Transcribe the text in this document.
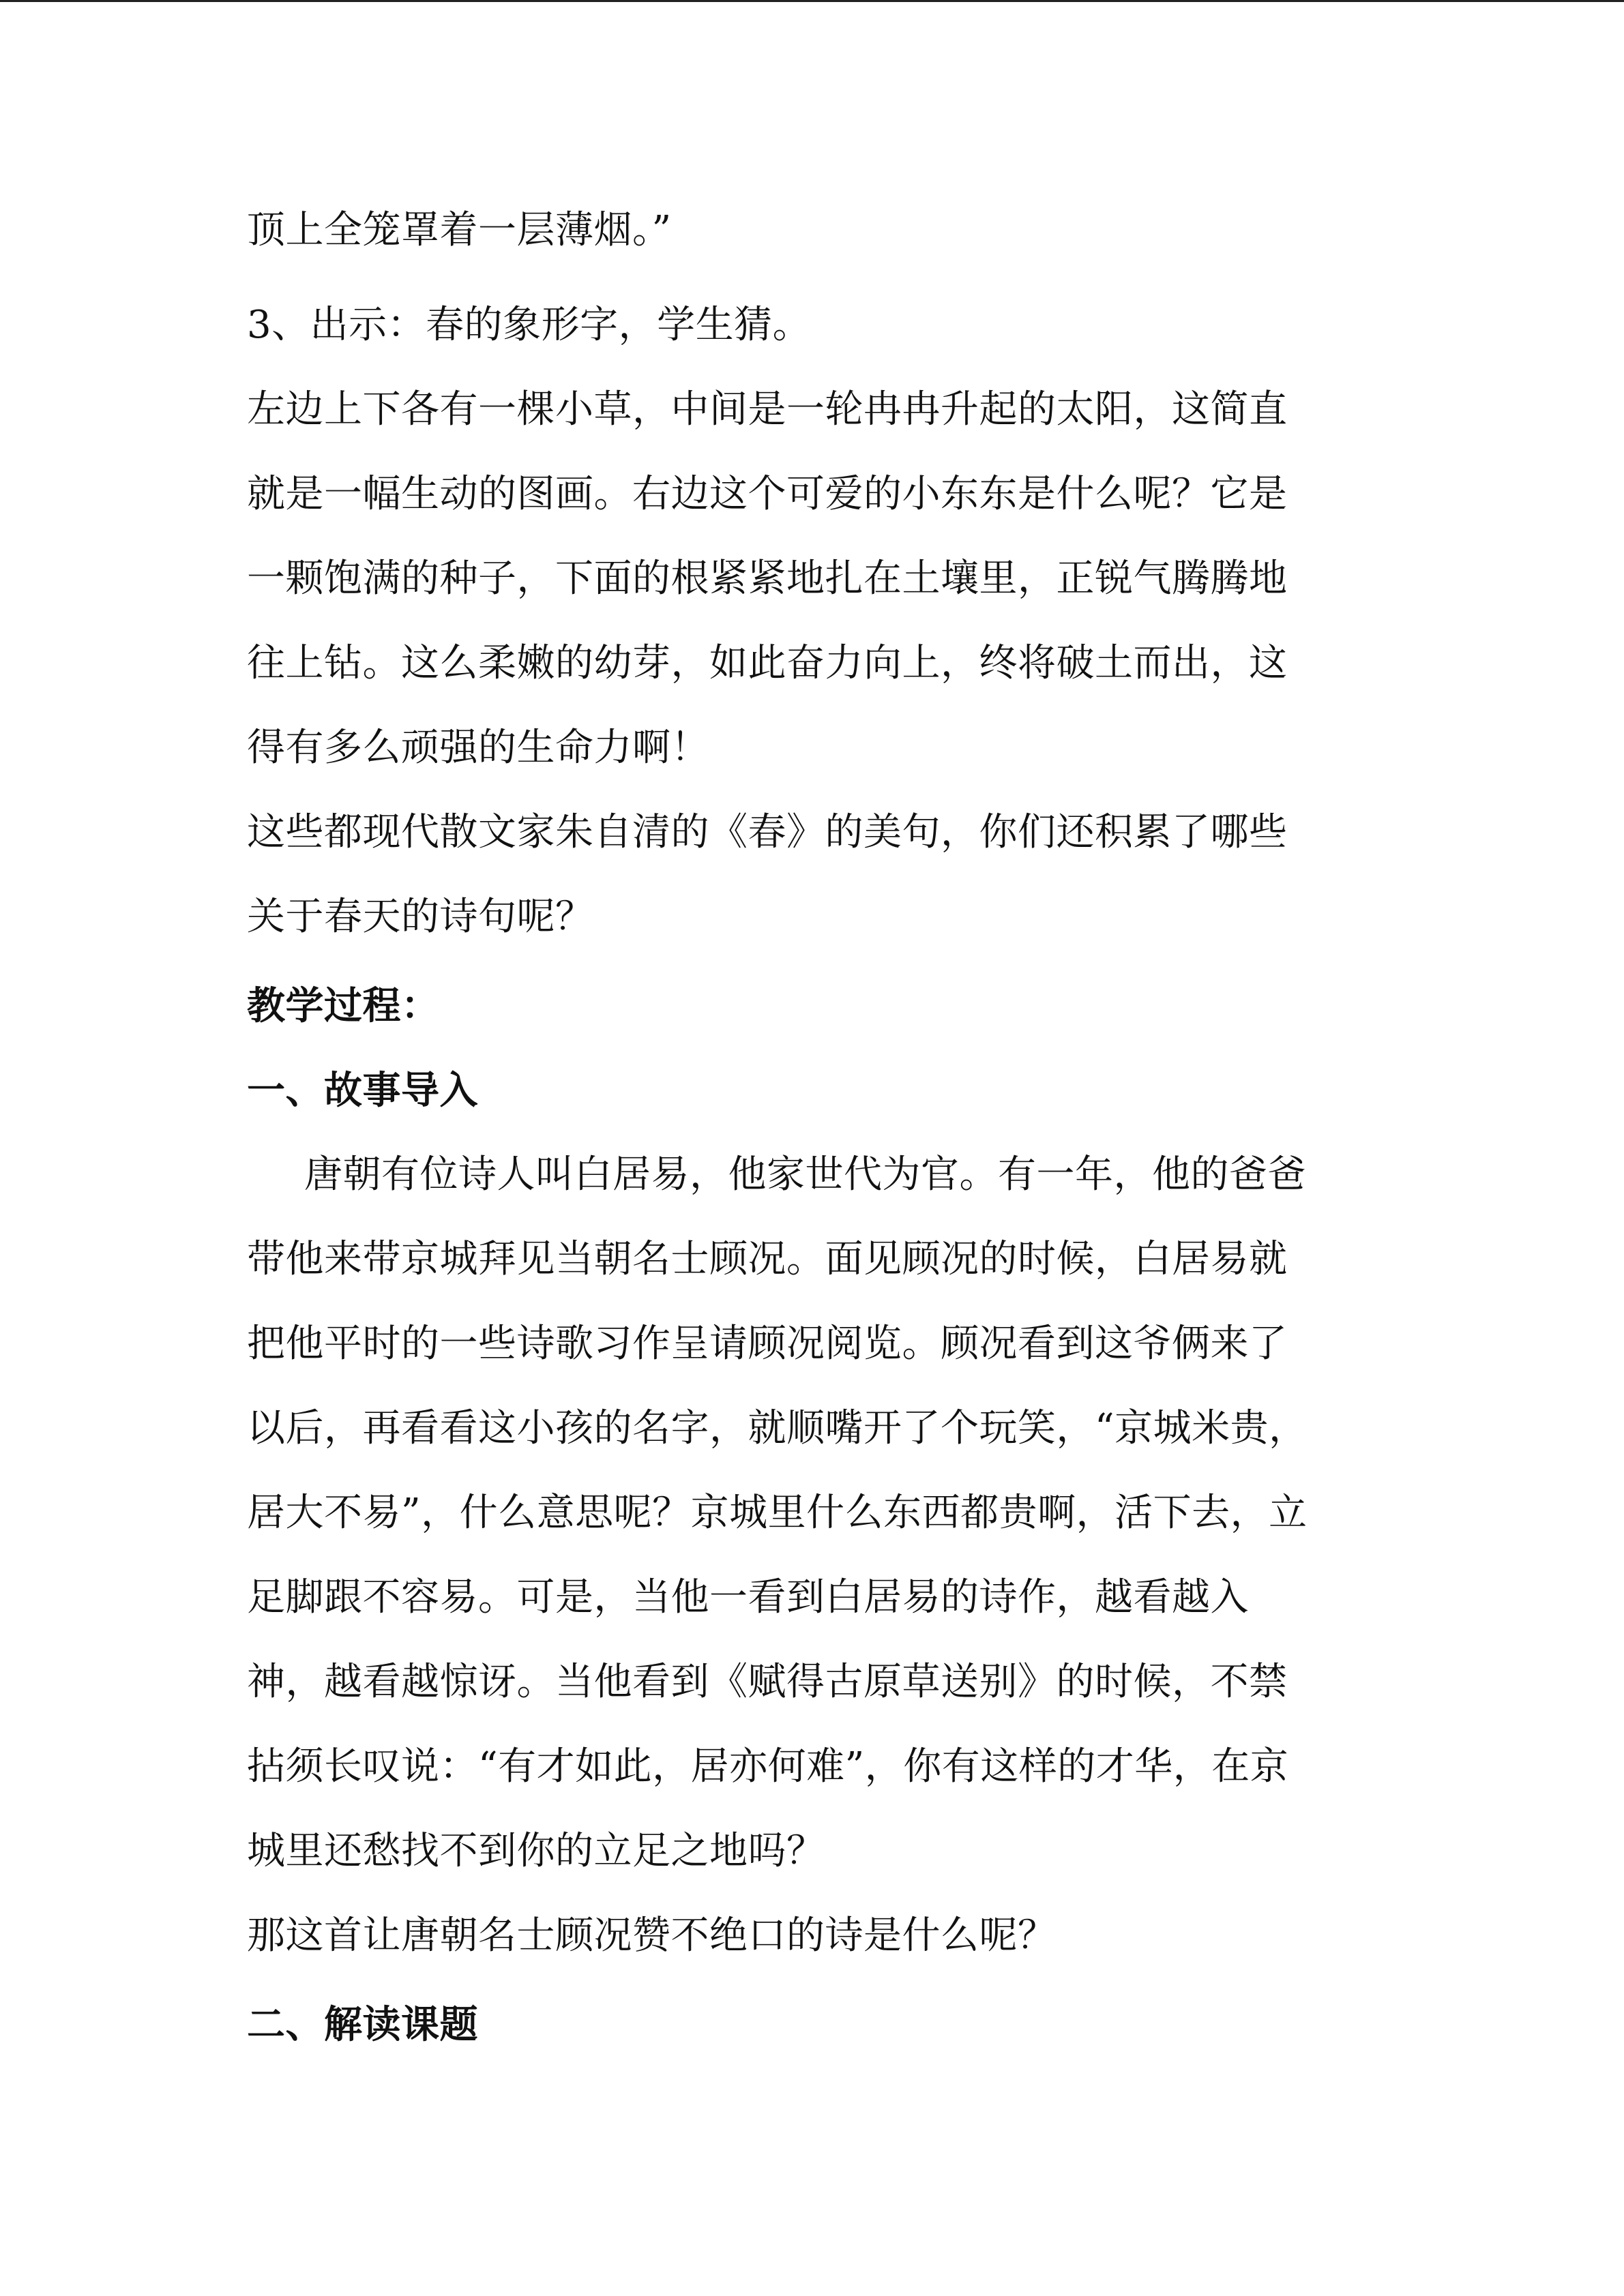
顶上全笼罩着一层薄烟。”
3、出示：春的象形字，学生猜。
左边上下各有一棵小草，中间是一轮冉冉升起的太阳，这简直
就是一幅生动的图画。右边这个可爱的小东东是什么呢？它是
一颗饱满的种子，下面的根紧紧地扎在土壤里，正锐气腾腾地
往上钻。这么柔嫩的幼芽，如此奋力向上，终将破土而出，这
得有多么顽强的生命力啊！
这些都现代散文家朱自清的《春》的美句，你们还积累了哪些
关于春天的诗句呢？
教学过程：
一、故事导入
唐朝有位诗人叫白居易，他家世代为官。有一年，他的爸爸
带他来带京城拜见当朝名士顾况。面见顾况的时候，白居易就
把他平时的一些诗歌习作呈请顾况阅览。顾况看到这爷俩来了
以后，再看看这小孩的名字，就顺嘴开了个玩笑，“京城米贵，
居大不易”，什么意思呢？京城里什么东西都贵啊，活下去，立
足脚跟不容易。可是，当他一看到白居易的诗作，越看越入
神，越看越惊讶。当他看到《赋得古原草送别》的时候，不禁
拈须长叹说：“有才如此，居亦何难”，你有这样的才华，在京
城里还愁找不到你的立足之地吗？
那这首让唐朝名士顾况赞不绝口的诗是什么呢？
二、解读课题
